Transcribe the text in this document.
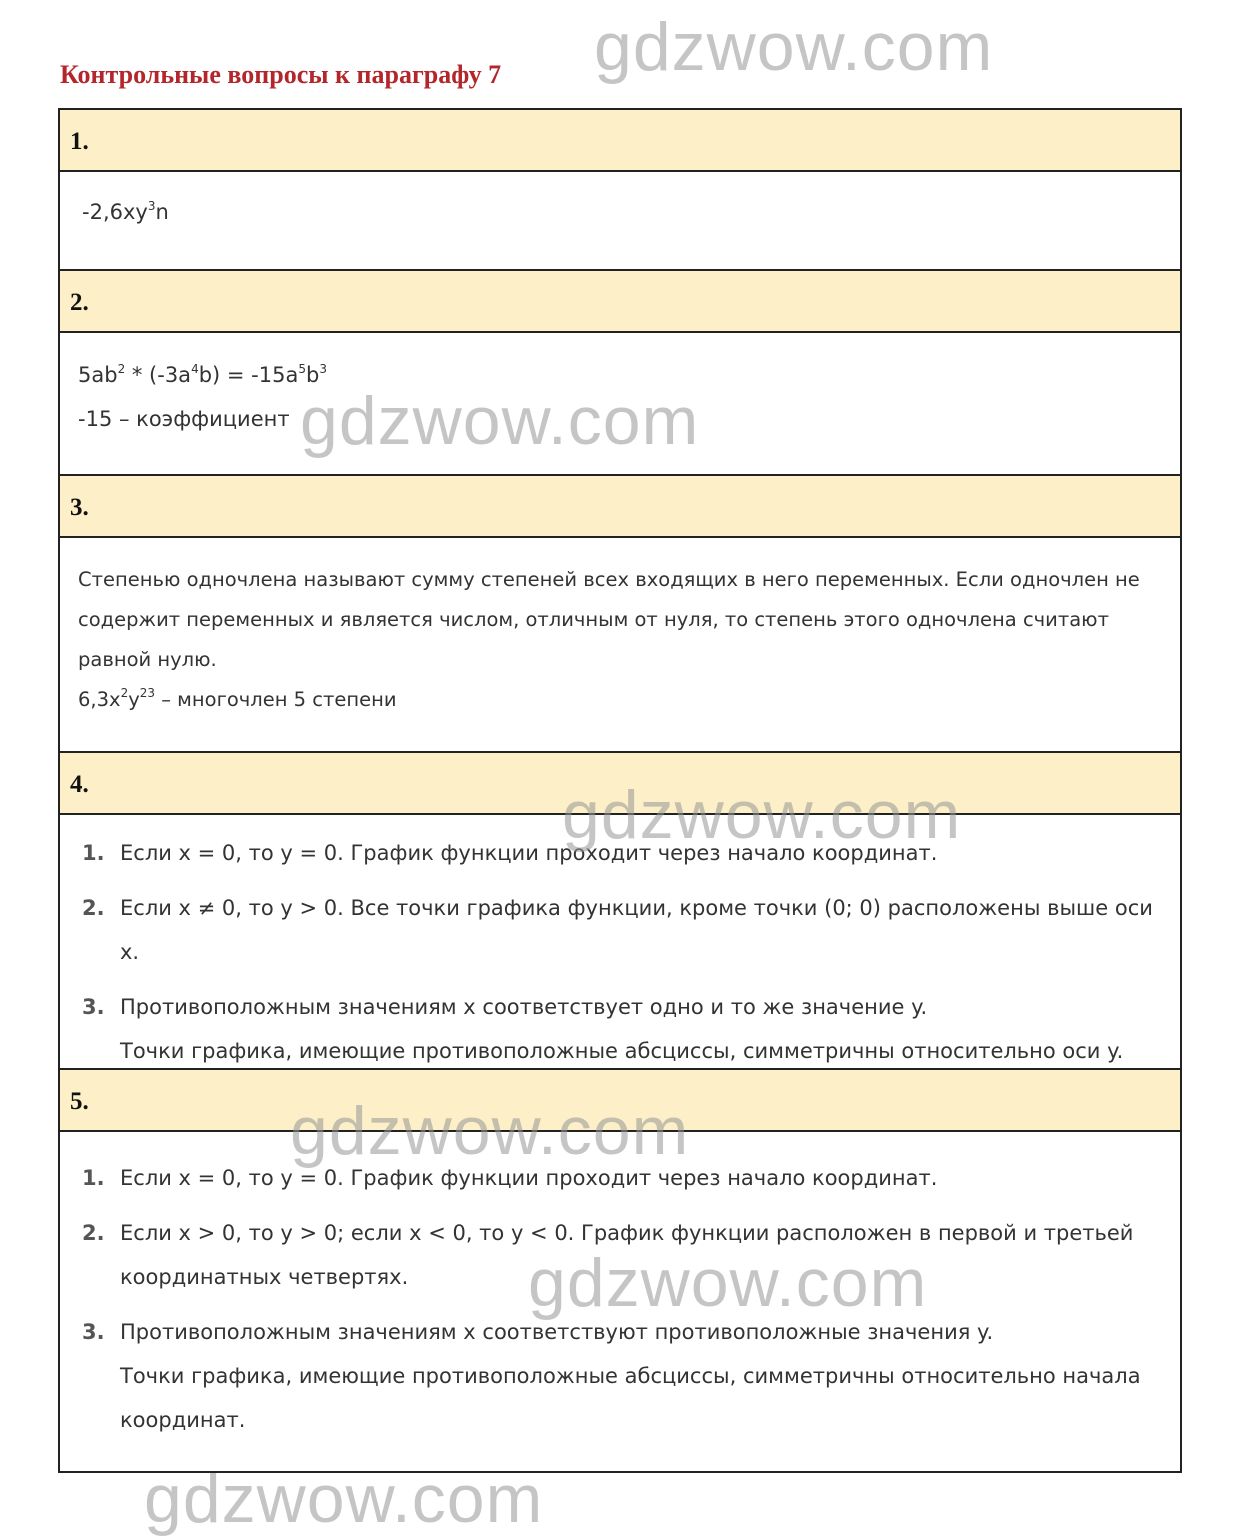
Контрольные вопросы к параграфу 7
1.
$-2,6xy^3n$
2.
$5ab^2 * (-3a^4b) = -15a^5b^3$
-15 – коэффициент
3.
Степенью одночлена называют сумму степеней всех входящих в него переменных. Если одночлен не содержит переменных и является числом, отличным от нуля, то степень этого одночлена считают равной нулю.
$6,3x^2y^{23}$ – многочлен 5 степени
4.
1. Если x = 0, то y = 0. График функции проходит через начало координат.
2. Если x ≠ 0, то y > 0. Все точки графика функции, кроме точки (0; 0) расположены выше оси x.
3. Противоположным значениям x соответствует одно и то же значение y.
Точки графика, имеющие противоположные абсциссы, симметричны относительно оси y.
5.
1. Если x = 0, то y = 0. График функции проходит через начало координат.
2. Если x > 0, то y > 0; если x < 0, то y < 0. График функции расположен в первой и третьей координатных четвертях.
3. Противоположным значениям x соответствуют противоположные значения y.
Точки графика, имеющие противоположные абсциссы, симметричны относительно начала координат.
gdzwow.com
gdzwow.com
gdzwow.com
gdzwow.com
gdzwow.com
gdzwow.com
